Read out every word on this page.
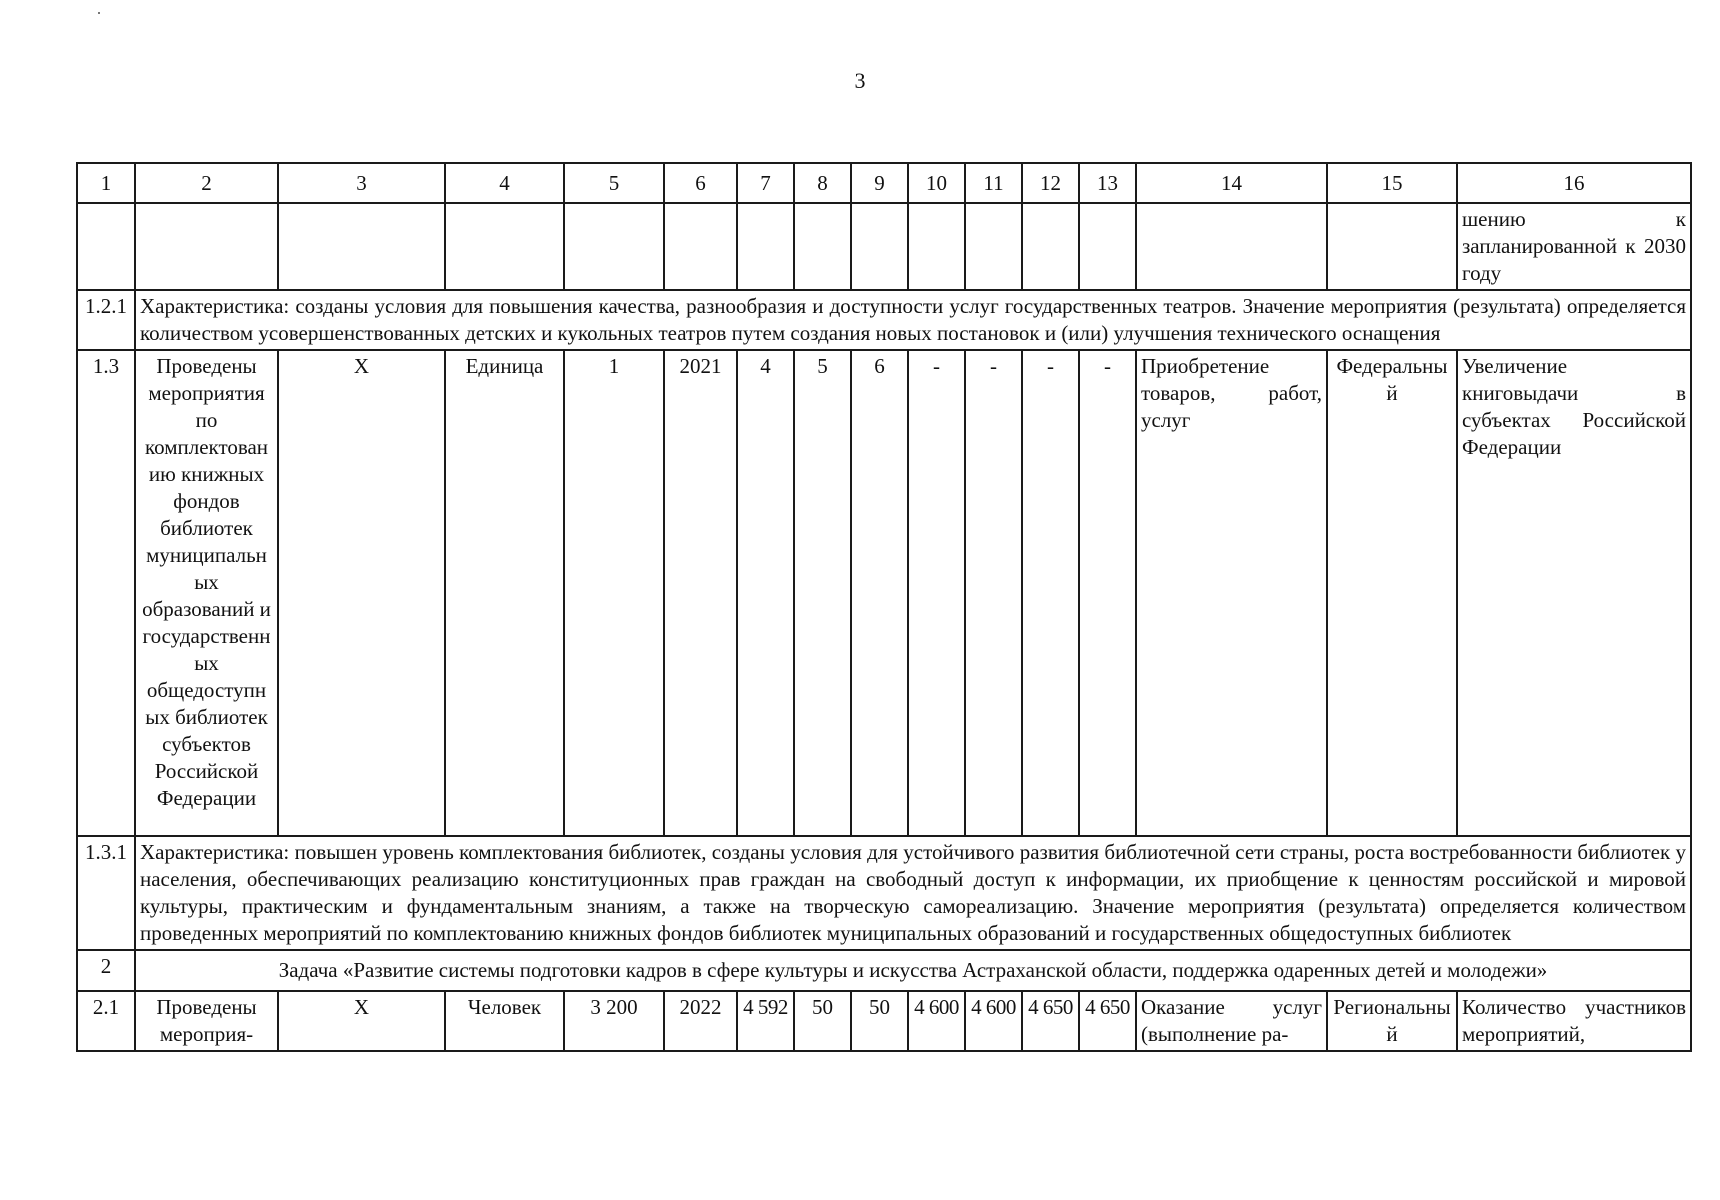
3
1	2	3	4	5	6	7	8	9	10	11	12	13	14	15	16
															шению к запланированной к 2030 году
1.2.1	Характеристика: созданы условия для повышения качества, разнообразия и доступности услуг государственных театров. Значение мероприятия (результата) определяется количеством усовершенствованных детских и кукольных театров путем создания новых постановок и (или) улучшения технического оснащения														
1.3	Проведены мероприятия по комплектованию книжных фондов библиотек муниципальных образований и государственных общедоступных библиотек субъектов Российской Федерации	Х	Единица	1	2021	4	5	6	-	-	-	-	Приобретение товаров, работ, услуг	Федеральный	Увеличение книговыдачи в субъектах Российской Федерации
1.3.1	Характеристика: повышен уровень комплектования библиотек, созданы условия для устойчивого развития библиотечной сети страны, роста востребованности библиотек у населения, обеспечивающих реализацию конституционных прав граждан на свободный доступ к информации, их приобщение к ценностям российской и мировой культуры, практическим и фундаментальным знаниям, а также на творческую самореализацию. Значение мероприятия (результата) определяется количеством проведенных мероприятий по комплектованию книжных фондов библиотек муниципальных образований и государственных общедоступных библиотек														
2	Задача «Развитие системы подготовки кадров в сфере культуры и искусства Астраханской области, поддержка одаренных детей и молодежи»														
2.1	Проведены мероприя-	Х	Человек	3 200	2022	4 592	50	50	4 600	4 600	4 650	4 650	Оказание услуг (выполнение ра-	Региональный	Количество участников мероприятий,
